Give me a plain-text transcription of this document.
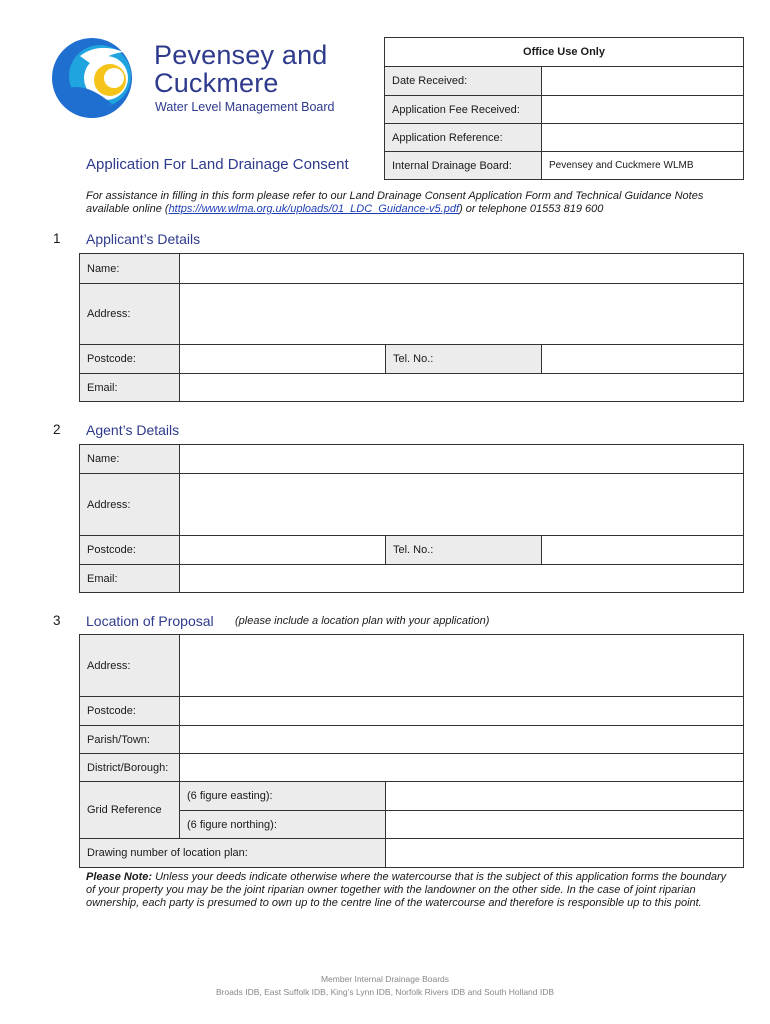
Pevensey and
Cuckmere
Water Level Management Board
Office Use Only	
Date Received:	
Application Fee Received:	
Application Reference:	
Internal Drainage Board:	Pevensey and Cuckmere WLMB
Application For Land Drainage Consent
For assistance in filling in this form please refer to our Land Drainage Consent Application Form and Technical Guidance Notes available online (https://www.wlma.org.uk/uploads/01_LDC_Guidance-v5.pdf) or telephone 01553 819 600
1 Applicant’s Details
Name:			
Address:			
Postcode:		Tel. No.:	
Email:			
2 Agent’s Details
Name:			
Address:			
Postcode:		Tel. No.:	
Email:			
3 Location of Proposal (please include a location plan with your application)
Address:		
Postcode:		
Parish/Town:		
District/Borough:		
Grid Reference	(6 figure easting):	
	(6 figure northing):	
Drawing number of location plan:		
Please Note: Unless your deeds indicate otherwise where the watercourse that is the subject of this application forms the boundary of your property you may be the joint riparian owner together with the landowner on the other side. In the case of joint riparian ownership, each party is presumed to own up to the centre line of the watercourse and therefore is responsible up to this point.
Member Internal Drainage Boards
Broads IDB, East Suffolk IDB, King’s Lynn IDB, Norfolk Rivers IDB and South Holland IDB
